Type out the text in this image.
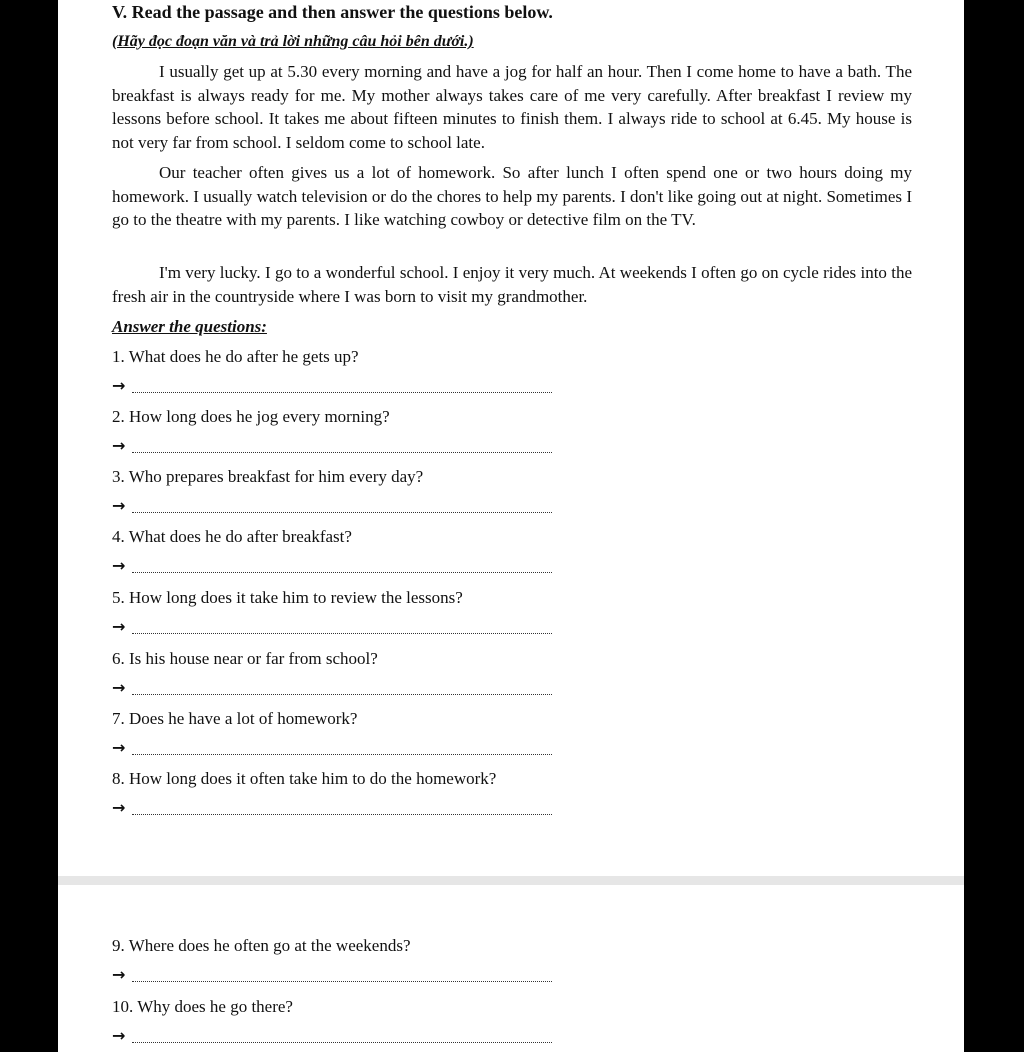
V. Read the passage and then answer the questions below.

(Hãy đọc đoạn văn và trả lời những câu hỏi bên dưới.)

I usually get up at 5.30 every morning and have a jog for half an hour. Then I come home to have a bath. The breakfast is always ready for me. My mother always takes care of me very carefully. After breakfast I review my lessons before school. It takes me about fifteen minutes to finish them. I always ride to school at 6.45. My house is not very far from school. I seldom come to school late.

Our teacher often gives us a lot of homework. So after lunch I often spend one or two hours doing my homework. I usually watch television or do the chores to help my parents. I don't like going out at night. Sometimes I go to the theatre with my parents. I like watching cowboy or detective film on the TV.

I'm very lucky. I go to a wonderful school. I enjoy it very much. At weekends I often go on cycle rides into the fresh air in the countryside where I was born to visit my grandmother.

Answer the questions:

1. What does he do after he gets up?

→

2. How long does he jog every morning?

→

3. Who prepares breakfast for him every day?

→

4. What does he do after breakfast?

→

5. How long does it take him to review the lessons?

→

6. Is his house near or far from school?

→

7. Does he have a lot of homework?

→

8. How long does it often take him to do the homework?

→

9. Where does he often go at the weekends?

→

10. Why does he go there?

→
